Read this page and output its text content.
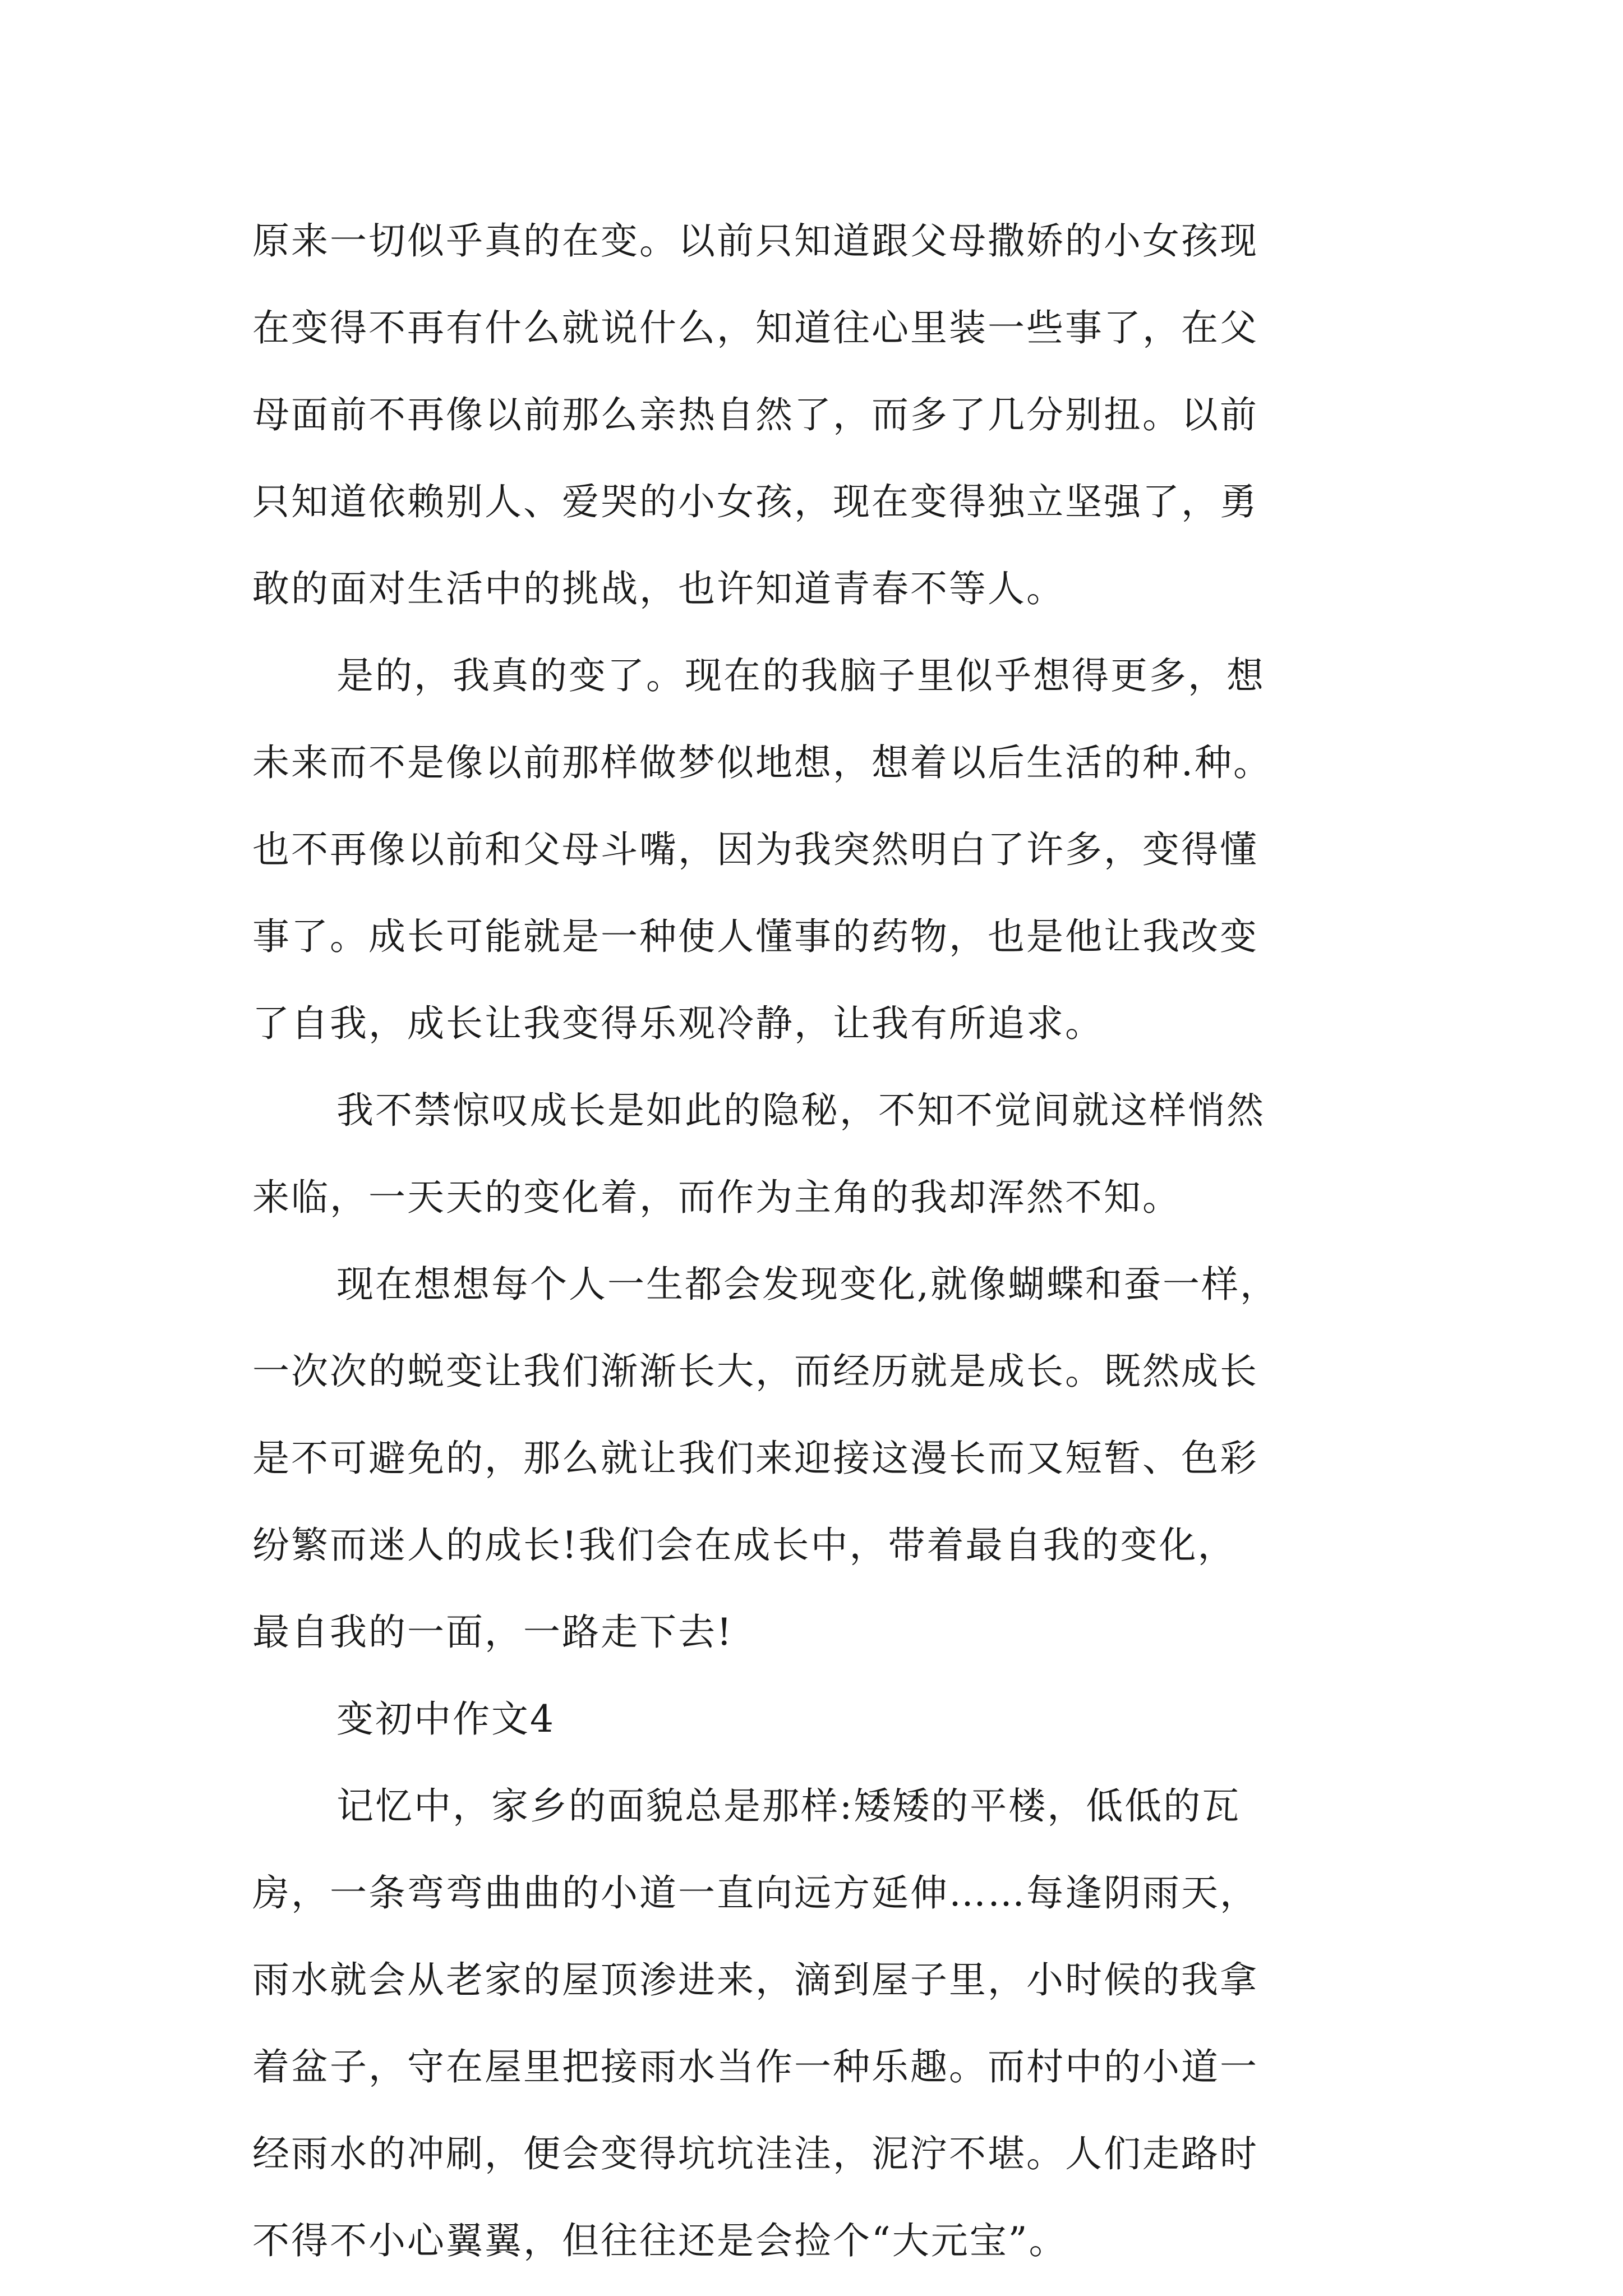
原来一切似乎真的在变。以前只知道跟父母撒娇的小女孩现
在变得不再有什么就说什么，知道往心里装一些事了，在父
母面前不再像以前那么亲热自然了，而多了几分别扭。以前
只知道依赖别人、爱哭的小女孩，现在变得独立坚强了，勇
敢的面对生活中的挑战，也许知道青春不等人。
是的，我真的变了。现在的我脑子里似乎想得更多，想
未来而不是像以前那样做梦似地想，想着以后生活的种.种。
也不再像以前和父母斗嘴，因为我突然明白了许多，变得懂
事了。成长可能就是一种使人懂事的药物，也是他让我改变
了自我，成长让我变得乐观冷静，让我有所追求。
我不禁惊叹成长是如此的隐秘，不知不觉间就这样悄然
来临，一天天的变化着，而作为主角的我却浑然不知。
现在想想每个人一生都会发现变化,就像蝴蝶和蚕一样，
一次次的蜕变让我们渐渐长大，而经历就是成长。既然成长
是不可避免的，那么就让我们来迎接这漫长而又短暂、色彩
纷繁而迷人的成长!我们会在成长中，带着最自我的变化，
最自我的一面，一路走下去!
变初中作文4
记忆中，家乡的面貌总是那样:矮矮的平楼，低低的瓦
房，一条弯弯曲曲的小道一直向远方延伸……每逢阴雨天，
雨水就会从老家的屋顶渗进来，滴到屋子里，小时候的我拿
着盆子，守在屋里把接雨水当作一种乐趣。而村中的小道一
经雨水的冲刷，便会变得坑坑洼洼，泥泞不堪。人们走路时
不得不小心翼翼，但往往还是会捡个“大元宝”。
